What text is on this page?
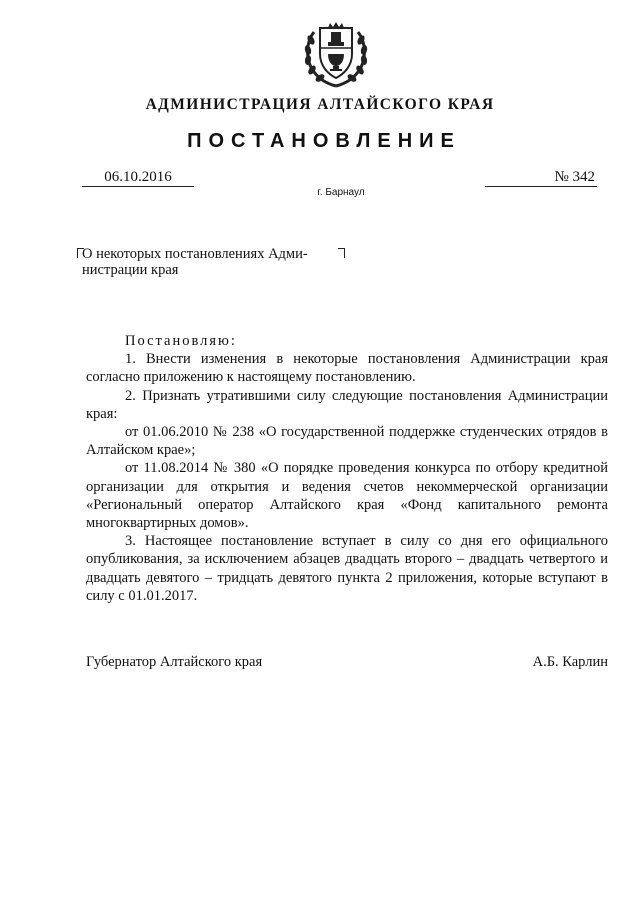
АДМИНИСТРАЦИЯ АЛТАЙСКОГО КРАЯ
ПОСТАНОВЛЕНИЕ
06.10.2016	№ 342
г. Барнаул
О некоторых постановлениях Адми-
нистрации края

Постановляю:

1. Внести изменения в некоторые постановления Администрации края согласно приложению к настоящему постановлению.

2. Признать утратившими силу следующие постановления Администрации края:

от 01.06.2010 № 238 «О государственной поддержке студенческих отрядов в Алтайском крае»;

от 11.08.2014 № 380 «О порядке проведения конкурса по отбору кредитной организации для открытия и ведения счетов некоммерческой организации «Региональный оператор Алтайского края «Фонд капитального ремонта многоквартирных домов».

3. Настоящее постановление вступает в силу со дня его официального опубликования, за исключением абзацев двадцать второго – двадцать четвертого и двадцать девятого – тридцать девятого пункта 2 приложения, которые вступают в силу с 01.01.2017.

Губернатор Алтайского края	А.Б. Карлин
